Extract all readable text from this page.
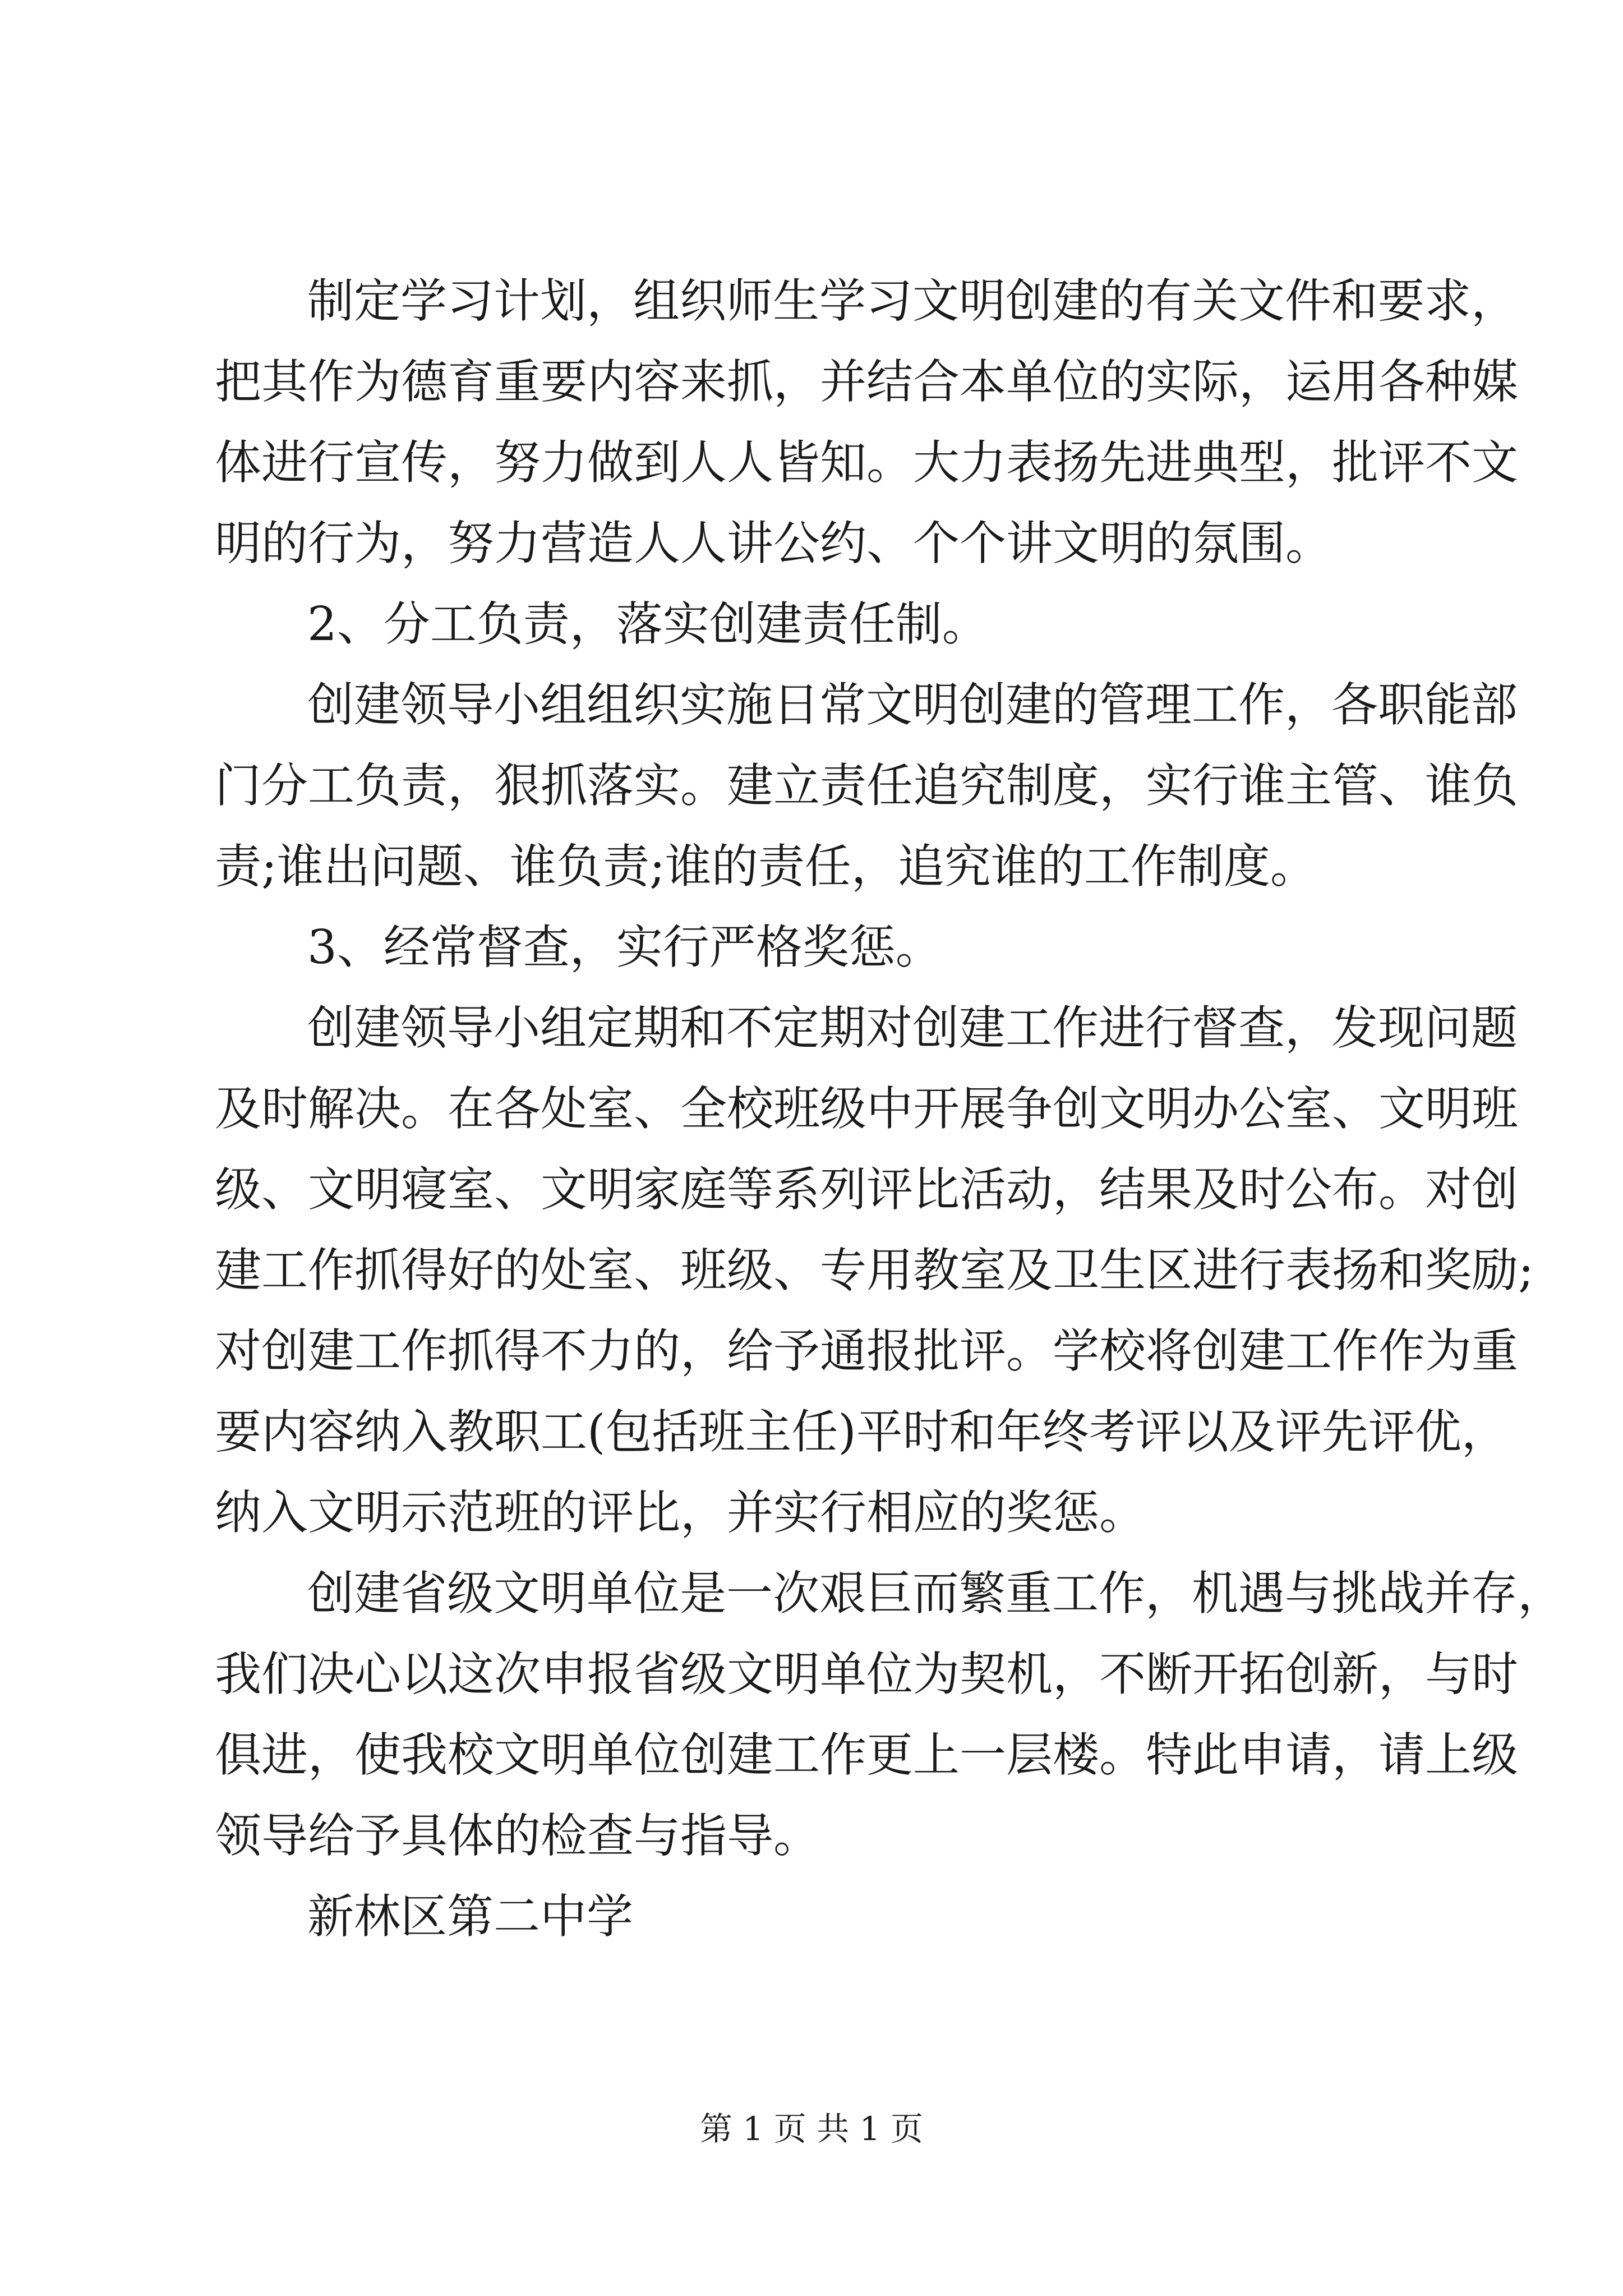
制定学习计划，组织师生学习文明创建的有关文件和要求，
把其作为德育重要内容来抓，并结合本单位的实际，运用各种媒
体进行宣传，努力做到人人皆知。大力表扬先进典型，批评不文
明的行为，努力营造人人讲公约、个个讲文明的氛围。
2、分工负责，落实创建责任制。
创建领导小组组织实施日常文明创建的管理工作，各职能部
门分工负责，狠抓落实。建立责任追究制度，实行谁主管、谁负
责;谁出问题、谁负责;谁的责任，追究谁的工作制度。
3、经常督查，实行严格奖惩。
创建领导小组定期和不定期对创建工作进行督查，发现问题
及时解决。在各处室、全校班级中开展争创文明办公室、文明班
级、文明寝室、文明家庭等系列评比活动，结果及时公布。对创
建工作抓得好的处室、班级、专用教室及卫生区进行表扬和奖励;
对创建工作抓得不力的，给予通报批评。学校将创建工作作为重
要内容纳入教职工(包括班主任)平时和年终考评以及评先评优，
纳入文明示范班的评比，并实行相应的奖惩。
创建省级文明单位是一次艰巨而繁重工作，机遇与挑战并存，
我们决心以这次申报省级文明单位为契机，不断开拓创新，与时
俱进，使我校文明单位创建工作更上一层楼。特此申请，请上级
领导给予具体的检查与指导。
新林区第二中学
第 1 页 共 1 页
